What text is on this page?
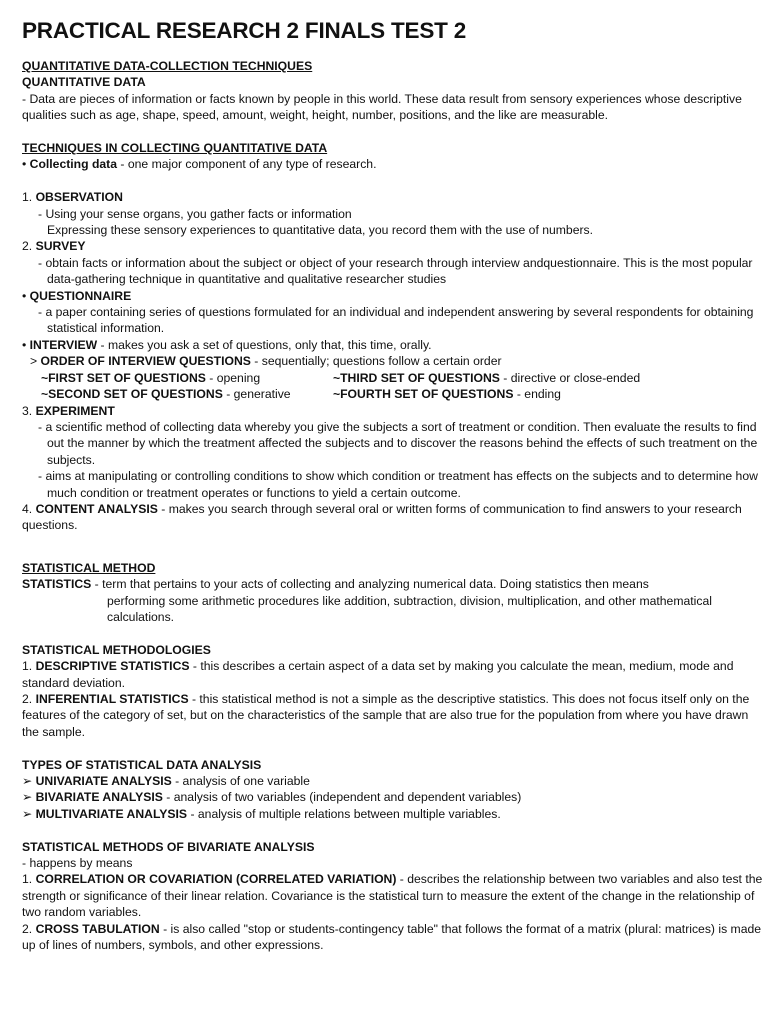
PRACTICAL RESEARCH 2 FINALS TEST 2
QUANTITATIVE DATA-COLLECTION TECHNIQUES
QUANTITATIVE DATA
- Data are pieces of information or facts known by people in this world. These data result from sensory experiences whose descriptive qualities such as age, shape, speed, amount, weight, height, number, positions, and the like are measurable.
TECHNIQUES IN COLLECTING QUANTITATIVE DATA
• Collecting data - one major component of any type of research.
1. OBSERVATION
- Using your sense organs, you gather facts or information
Expressing these sensory experiences to quantitative data, you record them with the use of numbers.
2. SURVEY
- obtain facts or information about the subject or object of your research through interview andquestionnaire. This is the most popular data-gathering technique in quantitative and qualitative researcher studies
• QUESTIONNAIRE
- a paper containing series of questions formulated for an individual and independent answering by several respondents for obtaining statistical information.
• INTERVIEW - makes you ask a set of questions, only that, this time, orally.
> ORDER OF INTERVIEW QUESTIONS - sequentially; questions follow a certain order
~FIRST SET OF QUESTIONS - opening	~THIRD SET OF QUESTIONS - directive or close-ended
~SECOND SET OF QUESTIONS - generative	~FOURTH SET OF QUESTIONS - ending
3. EXPERIMENT
- a scientific method of collecting data whereby you give the subjects a sort of treatment or condition. Then evaluate the results to find out the manner by which the treatment affected the subjects and to discover the reasons behind the effects of such treatment on the subjects.
- aims at manipulating or controlling conditions to show which condition or treatment has effects on the subjects and to determine how much condition or treatment operates or functions to yield a certain outcome.
4. CONTENT ANALYSIS - makes you search through several oral or written forms of communication to find answers to your research questions.
STATISTICAL METHOD
STATISTICS - term that pertains to your acts of collecting and analyzing numerical data. Doing statistics then means
performing some arithmetic procedures like addition, subtraction, division, multiplication, and other mathematical calculations.
STATISTICAL METHODOLOGIES
1. DESCRIPTIVE STATISTICS - this describes a certain aspect of a data set by making you calculate the mean, medium, mode and standard deviation.
2. INFERENTIAL STATISTICS - this statistical method is not a simple as the descriptive statistics. This does not focus itself only on the features of the category of set, but on the characteristics of the sample that are also true for the population from where you have drawn the sample.
TYPES OF STATISTICAL DATA ANALYSIS
➢ UNIVARIATE ANALYSIS - analysis of one variable
➢ BIVARIATE ANALYSIS - analysis of two variables (independent and dependent variables)
➢ MULTIVARIATE ANALYSIS - analysis of multiple relations between multiple variables.
STATISTICAL METHODS OF BIVARIATE ANALYSIS
- happens by means
1. CORRELATION OR COVARIATION (CORRELATED VARIATION) - describes the relationship between two variables and also test the strength or significance of their linear relation. Covariance is the statistical turn to measure the extent of the change in the relationship of two random variables.
2. CROSS TABULATION - is also called "stop or students-contingency table" that follows the format of a matrix (plural: matrices) is made up of lines of numbers, symbols, and other expressions.
